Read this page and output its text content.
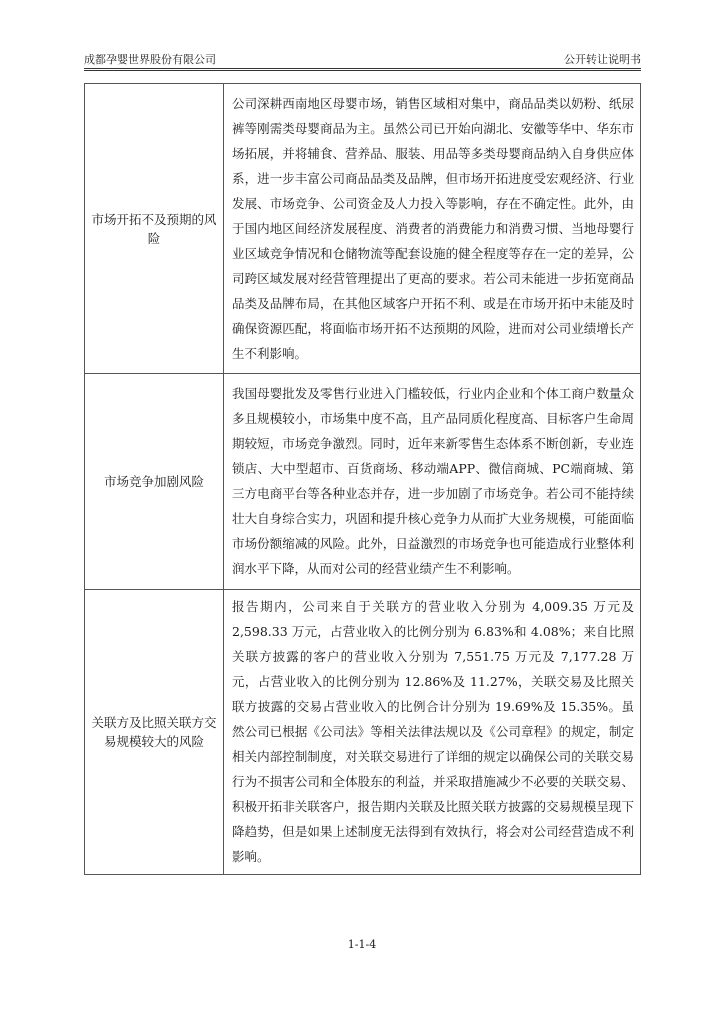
成都孕婴世界股份有限公司	公开转让说明书
市场开拓不及预期的风险	公司深耕西南地区母婴市场，销售区域相对集中，商品品类以奶粉、纸尿裤等刚需类母婴商品为主。虽然公司已开始向湖北、安徽等华中、华东市场拓展，并将辅食、营养品、服装、用品等多类母婴商品纳入自身供应体系，进一步丰富公司商品品类及品牌，但市场开拓进度受宏观经济、行业发展、市场竞争、公司资金及人力投入等影响，存在不确定性。此外，由于国内地区间经济发展程度、消费者的消费能力和消费习惯、当地母婴行业区域竞争情况和仓储物流等配套设施的健全程度等存在一定的差异，公司跨区域发展对经营管理提出了更高的要求。若公司未能进一步拓宽商品品类及品牌布局，在其他区域客户开拓不利、或是在市场开拓中未能及时确保资源匹配，将面临市场开拓不达预期的风险，进而对公司业绩增长产生不利影响。
市场竞争加剧风险	我国母婴批发及零售行业进入门槛较低，行业内企业和个体工商户数量众多且规模较小，市场集中度不高，且产品同质化程度高、目标客户生命周期较短，市场竞争激烈。同时，近年来新零售生态体系不断创新，专业连锁店、大中型超市、百货商场、移动端APP、微信商城、PC端商城、第三方电商平台等各种业态并存，进一步加剧了市场竞争。若公司不能持续壮大自身综合实力，巩固和提升核心竞争力从而扩大业务规模，可能面临市场份额缩减的风险。此外，日益激烈的市场竞争也可能造成行业整体利润水平下降，从而对公司的经营业绩产生不利影响。
关联方及比照关联方交易规模较大的风险	报告期内，公司来自于关联方的营业收入分别为 4,009.35 万元及 2,598.33 万元，占营业收入的比例分别为 6.83%和 4.08%；来自比照关联方披露的客户的营业收入分别为 7,551.75 万元及 7,177.28 万元，占营业收入的比例分别为 12.86%及 11.27%，关联交易及比照关联方披露的交易占营业收入的比例合计分别为 19.69%及 15.35%。虽然公司已根据《公司法》等相关法律法规以及《公司章程》的规定，制定相关内部控制制度，对关联交易进行了详细的规定以确保公司的关联交易行为不损害公司和全体股东的利益，并采取措施减少不必要的关联交易、积极开拓非关联客户，报告期内关联及比照关联方披露的交易规模呈现下降趋势，但是如果上述制度无法得到有效执行，将会对公司经营造成不利影响。
1-1-4
